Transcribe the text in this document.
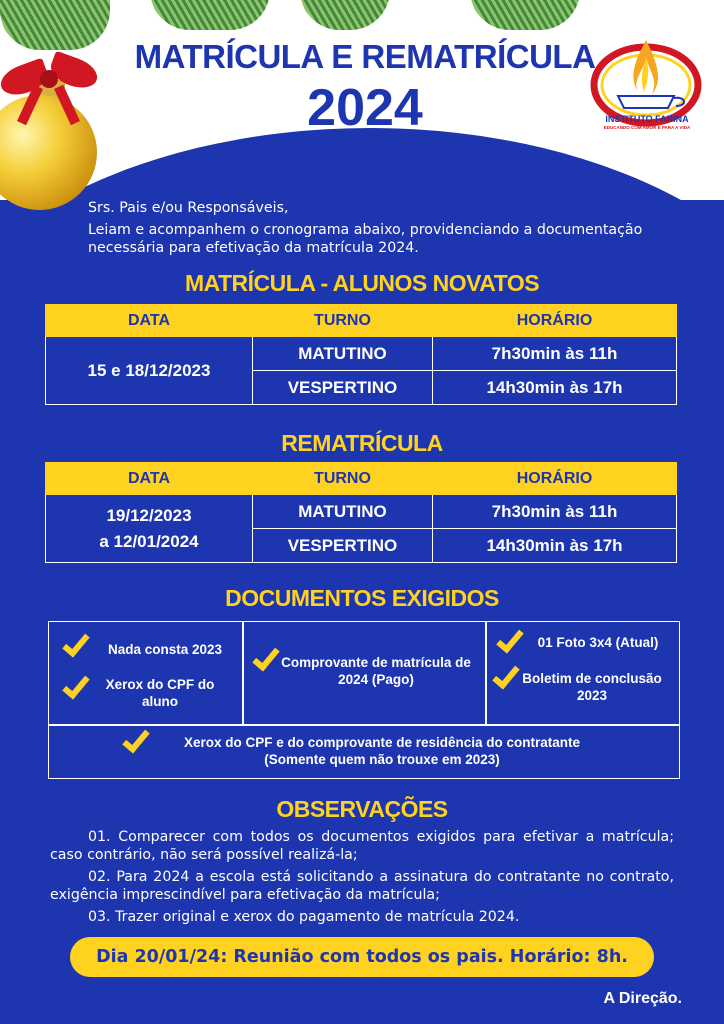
MATRÍCULA E REMATRÍCULA
2024	INSTITUTO FARINA
EDUCANDO COM AMOR E PARA A VIDA
Srs. Pais e/ou Responsáveis,
Leiam e acompanhem o cronograma abaixo, providenciando a documentação necessária para efetivação da matrícula 2024.
MATRÍCULA - ALUNOS NOVATOS
DATA	TURNO	HORÁRIO
15 e 18/12/2023	MATUTINO	7h30min às 11h
	VESPERTINO	14h30min às 17h
REMATRÍCULA
DATA	TURNO	HORÁRIO

19/12/2023
a 12/01/2024	MATUTINO	7h30min às 11h
	VESPERTINO	14h30min às 17h
DOCUMENTOS EXIGIDOS
Nada consta 2023
Xerox do CPF do aluno
Comprovante de matrícula de 2024 (Pago)
01 Foto 3x4 (Atual)
Boletim de conclusão 2023
Xerox do CPF e do comprovante de residência do contratante
(Somente quem não trouxe em 2023)
OBSERVAÇÕES

01. Comparecer com todos os documentos exigidos para efetivar a matrícula; caso contrário, não será possível realizá-la;

02. Para 2024 a escola está solicitando a assinatura do contratante no contrato, exigência imprescindível para efetivação da matrícula;

03. Trazer original e xerox do pagamento de matrícula 2024.

Dia 20/01/24: Reunião com todos os pais. Horário: 8h.
A Direção.
